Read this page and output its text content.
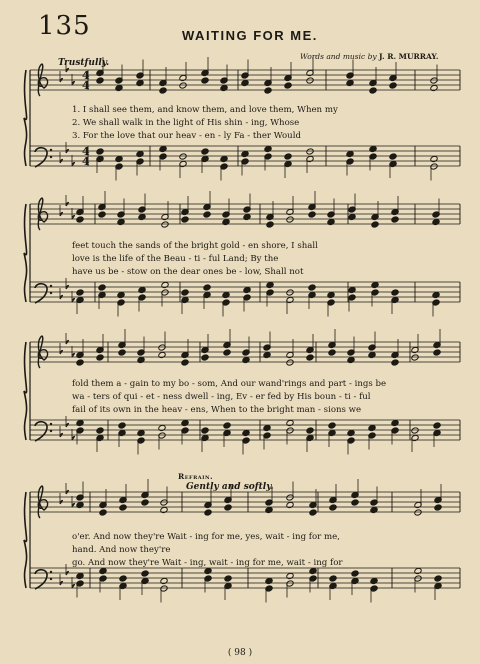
135	WAITING FOR ME.
Words and music by J. R. MURRAY.
Trustfully.
1. I shall see them, and know them, and love them, When my
2. We shall walk in the light of His shin - ing, Whose
3. For the love that our heav - en - ly Fa - ther Would
feet touch the sands of the bright gold - en shore, I shall
love is the life of the Beau - ti - ful Land; By the
have us be - stow on the dear ones be - low, Shall not
fold them a - gain to my bo - som, And our wand'rings and part - ings be
wa - ters of qui - et - ness dwell - ing, Ev - er fed by His boun - ti - ful
fail of its own in the heav - ens, When to the bright man - sions we
Refrain.
Gently and softly.
o'er. And now they're Wait - ing for me, yes, wait - ing for me,
hand. And now they're
go. And now they're Wait - ing, wait - ing for me, wait - ing for
( 98 )
4
4
4
4
